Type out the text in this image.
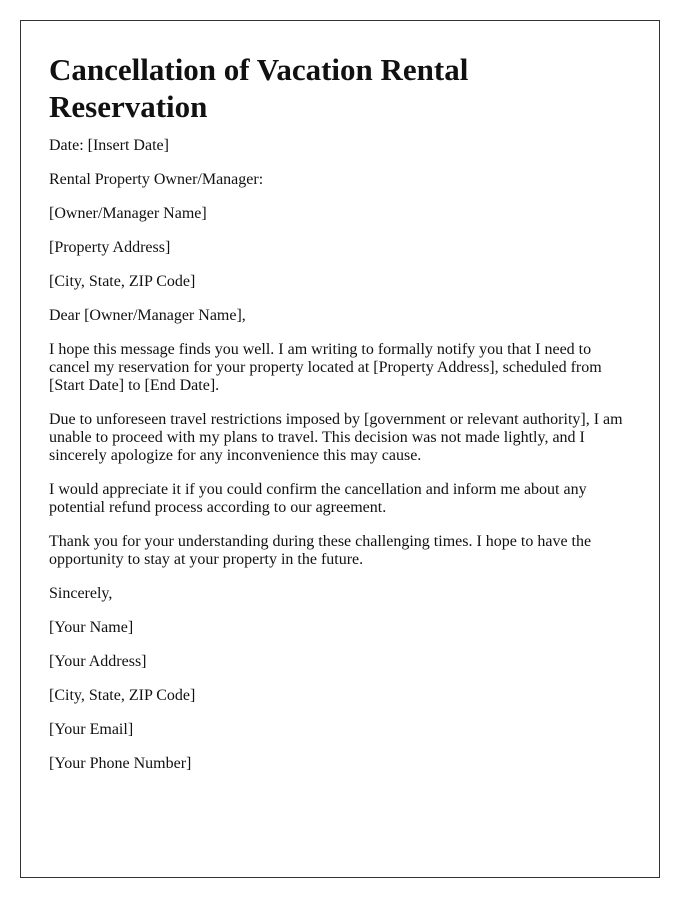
Cancellation of Vacation Rental Reservation

Date: [Insert Date]

Rental Property Owner/Manager:

[Owner/Manager Name]

[Property Address]

[City, State, ZIP Code]

Dear [Owner/Manager Name],

I hope this message finds you well. I am writing to formally notify you that I need to cancel my reservation for your property located at [Property Address], scheduled from [Start Date] to [End Date].

Due to unforeseen travel restrictions imposed by [government or relevant authority], I am unable to proceed with my plans to travel. This decision was not made lightly, and I sincerely apologize for any inconvenience this may cause.

I would appreciate it if you could confirm the cancellation and inform me about any potential refund process according to our agreement.

Thank you for your understanding during these challenging times. I hope to have the opportunity to stay at your property in the future.

Sincerely,

[Your Name]

[Your Address]

[City, State, ZIP Code]

[Your Email]

[Your Phone Number]
